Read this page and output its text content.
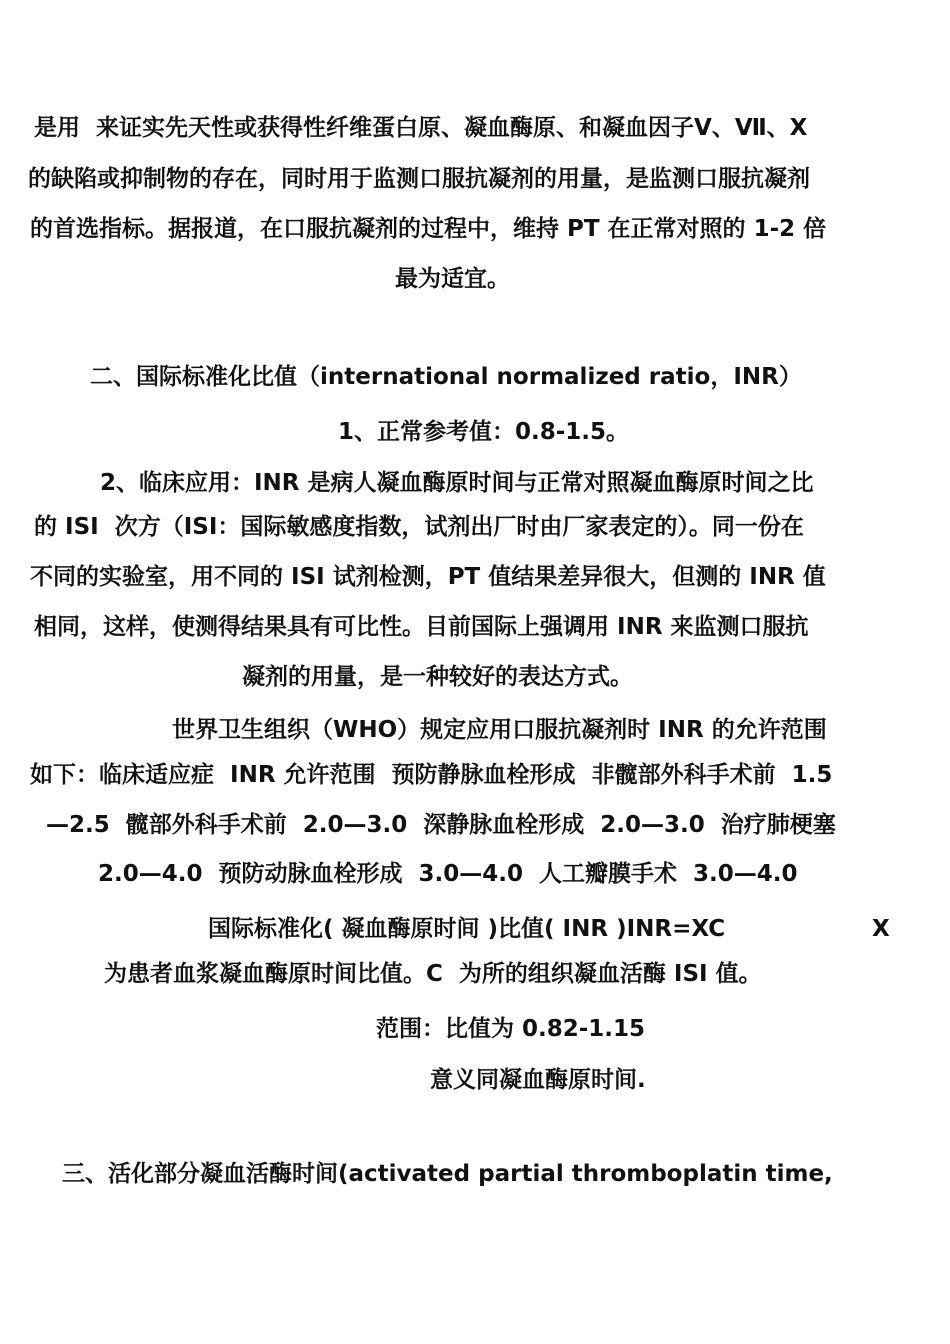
是用  来证实先天性或获得性纤维蛋白原、凝血酶原、和凝血因子Ⅴ、Ⅶ、Ⅹ
的缺陷或抑制物的存在，同时用于监测口服抗凝剂的用量，是监测口服抗凝剂
的首选指标。据报道，在口服抗凝剂的过程中，维持 PT 在正常对照的 1-2 倍
最为适宜。
二、国际标准化比值（international normalized ratio，INR）
1、正常参考值：0.8-1.5。
2、临床应用：INR 是病人凝血酶原时间与正常对照凝血酶原时间之比
的 ISI  次方（ISI：国际敏感度指数，试剂出厂时由厂家表定的）。同一份在
不同的实验室，用不同的 ISI 试剂检测，PT 值结果差异很大，但测的 INR 值
相同，这样，使测得结果具有可比性。目前国际上强调用 INR 来监测口服抗
凝剂的用量，是一种较好的表达方式。
世界卫生组织（WHO）规定应用口服抗凝剂时 INR 的允许范围
如下：临床适应症  INR 允许范围  预防静脉血栓形成  非髋部外科手术前  1.5
—2.5  髋部外科手术前  2.0—3.0  深静脉血栓形成  2.0—3.0  治疗肺梗塞
2.0—4.0  预防动脉血栓形成  3.0—4.0  人工瓣膜手术  3.0—4.0
国际标准化( 凝血酶原时间 )比值( INR )INR=XC	X
为患者血浆凝血酶原时间比值。C  为所的组织凝血活酶 ISI 值。
范围：比值为 0.82-1.15
意义同凝血酶原时间.
三、活化部分凝血活酶时间(activated partial thromboplatin time,
